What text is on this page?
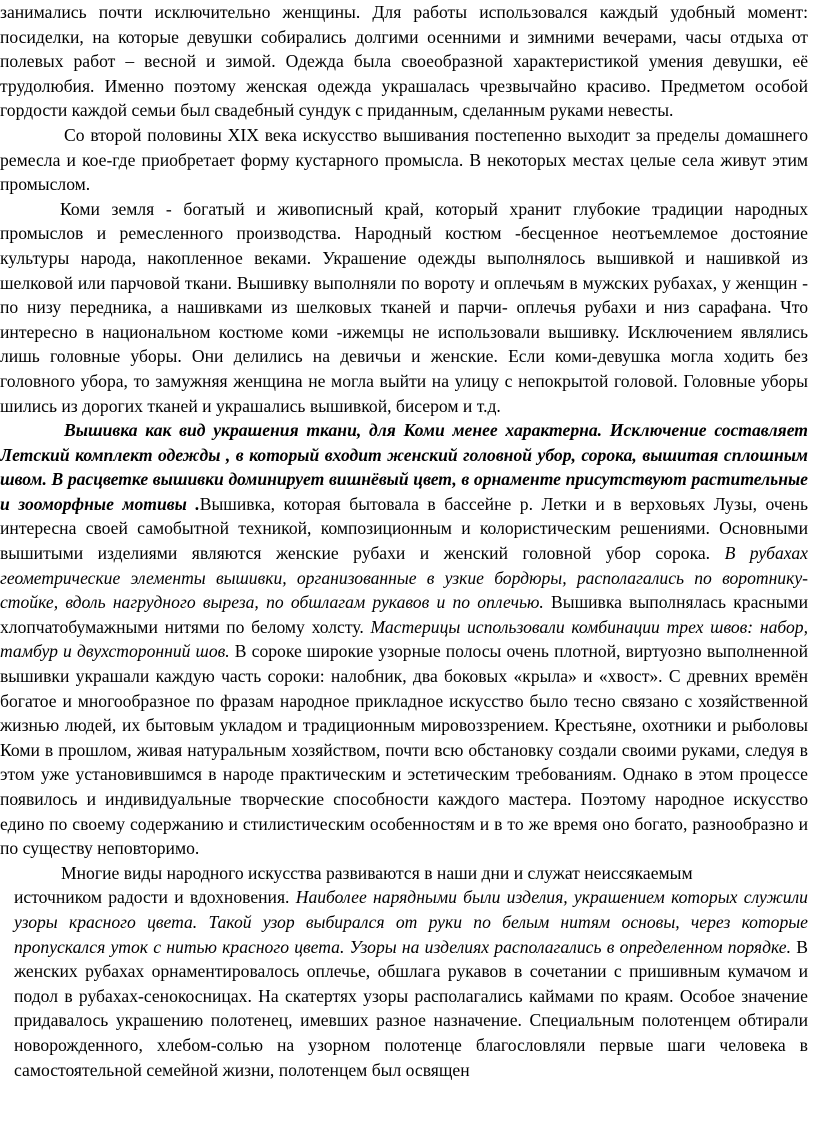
занимались почти исключительно женщины. Для работы использовался каждый удобный момент: посиделки, на которые девушки собирались долгими осенними и зимними вечерами, часы отдыха от полевых работ – весной и зимой. Одежда была своеобразной характеристикой умения девушки, её трудолюбия. Именно поэтому женская одежда украшалась чрезвычайно красиво. Предметом особой гордости каждой семьи был свадебный сундук с приданным, сделанным руками невесты.

Со второй половины XIX века искусство вышивания постепенно выходит за пределы домашнего ремесла и кое-где приобретает форму кустарного промысла. В некоторых местах целые села живут этим промыслом.

Коми земля - богатый и живописный край, который хранит глубокие традиции народных промыслов и ремесленного производства. Народный костюм -бесценное неотъемлемое достояние культуры народа, накопленное веками. Украшение одежды выполнялось вышивкой и нашивкой из шелковой или парчовой ткани. Вышивку выполняли по вороту и оплечьям в мужских рубахах, у женщин - по низу передника, а нашивками из шелковых тканей и парчи- оплечья рубахи и низ сарафана. Что интересно в национальном костюме коми -ижемцы не использовали вышивку. Исключением являлись лишь головные уборы. Они делились на девичьи и женские. Если коми-девушка могла ходить без головного убора, то замужняя женщина не могла выйти на улицу с непокрытой головой. Головные уборы шились из дорогих тканей и украшались вышивкой, бисером и т.д.

Вышивка как вид украшения ткани, для Коми менее характерна. Исключение составляет Летский комплект одежды , в который входит женский головной убор, сорока, вышитая сплошным швом. В расцветке вышивки доминирует вишнёвый цвет, в орнаменте присутствуют растительные и зооморфные мотивы .Вышивка, которая бытовала в бассейне р. Летки и в верховьях Лузы, очень интересна своей самобытной техникой, композиционным и колористическим решениями. Основными вышитыми изделиями являются женские рубахи и женский головной убор сорока. В рубахах геометрические элементы вышивки, организованные в узкие бордюры, располагались по воротнику-стойке, вдоль нагрудного выреза, по обшлагам рукавов и по оплечью. Вышивка выполнялась красными хлопчатобумажными нитями по белому холсту. Мастерицы использовали комбинации трех швов: набор, тамбур и двухсторонний шов. В сороке широкие узорные полосы очень плотной, виртуозно выполненной вышивки украшали каждую часть сороки: налобник, два боковых «крыла» и «хвост». С древних времён богатое и многообразное по фразам народное прикладное искусство было тесно связано с хозяйственной жизнью людей, их бытовым укладом и традиционным мировоззрением. Крестьяне, охотники и рыболовы Коми в прошлом, живая натуральным хозяйством, почти всю обстановку создали своими руками, следуя в этом уже установившимся в народе практическим и эстетическим требованиям. Однако в этом процессе появилось и индивидуальные творческие способности каждого мастера. Поэтому народное искусство едино по своему содержанию и стилистическим особенностям и в то же время оно богато, разнообразно и по существу неповторимо.

Многие виды народного искусства развиваются в наши дни и служат неиссякаемым

источником радости и вдохновения. Наиболее нарядными были изделия, украшением которых служили узоры красного цвета. Такой узор выбирался от руки по белым нитям основы, через которые пропускался уток с нитью красного цвета. Узоры на изделиях располагались в определенном порядке. В женских рубахах орнаментировалось оплечье, обшлага рукавов в сочетании с пришивным кумачом и подол в рубахах-сенокосницах. На скатертях узоры располагались каймами по краям. Особое значение придавалось украшению полотенец, имевших разное назначение. Специальным полотенцем обтирали новорожденного, хлебом-солью на узорном полотенце благословляли первые шаги человека в самостоятельной семейной жизни, полотенцем был освящен
